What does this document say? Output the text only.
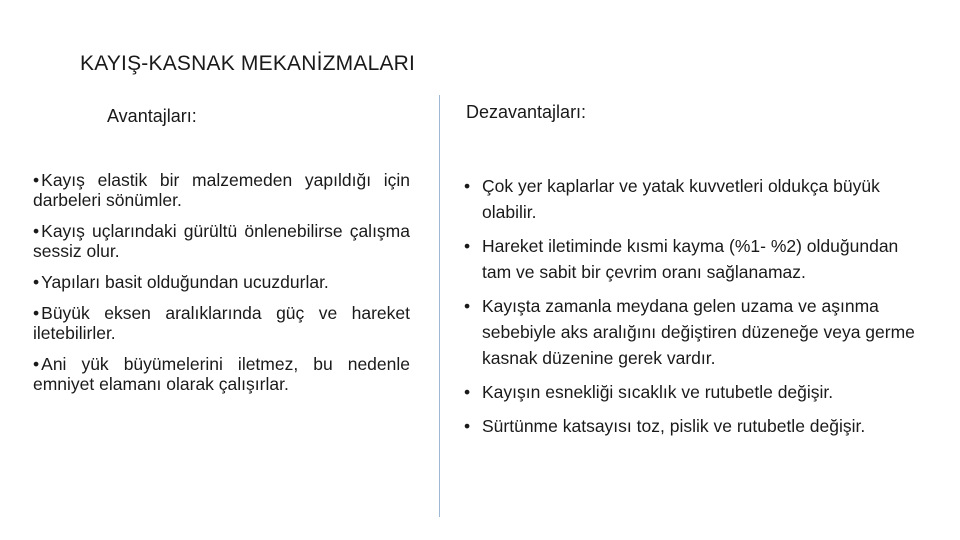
KAYIŞ-KASNAK MEKANİZMALARI
Avantajları:
• Kayış elastik bir malzemeden yapıldığı için darbeleri sönümler.
• Kayış uçlarındaki gürültü önlenebilirse çalışma sessiz olur.
• Yapıları basit olduğundan ucuzdurlar.
• Büyük eksen aralıklarında güç ve hareket iletebilirler.
• Ani yük büyümelerini iletmez, bu nedenle emniyet elamanı olarak çalışırlar.
Dezavantajları:
• Çok yer kaplarlar ve yatak kuvvetleri oldukça büyük olabilir.
• Hareket iletiminde kısmi kayma (%1- %2) olduğundan tam ve sabit bir çevrim oranı sağlanamaz.
• Kayışta zamanla meydana gelen uzama ve aşınma sebebiyle aks aralığını değiştiren düzeneğe veya germe kasnak düzenine gerek vardır.
• Kayışın esnekliği sıcaklık ve rutubetle değişir.
• Sürtünme katsayısı toz, pislik ve rutubetle değişir.
